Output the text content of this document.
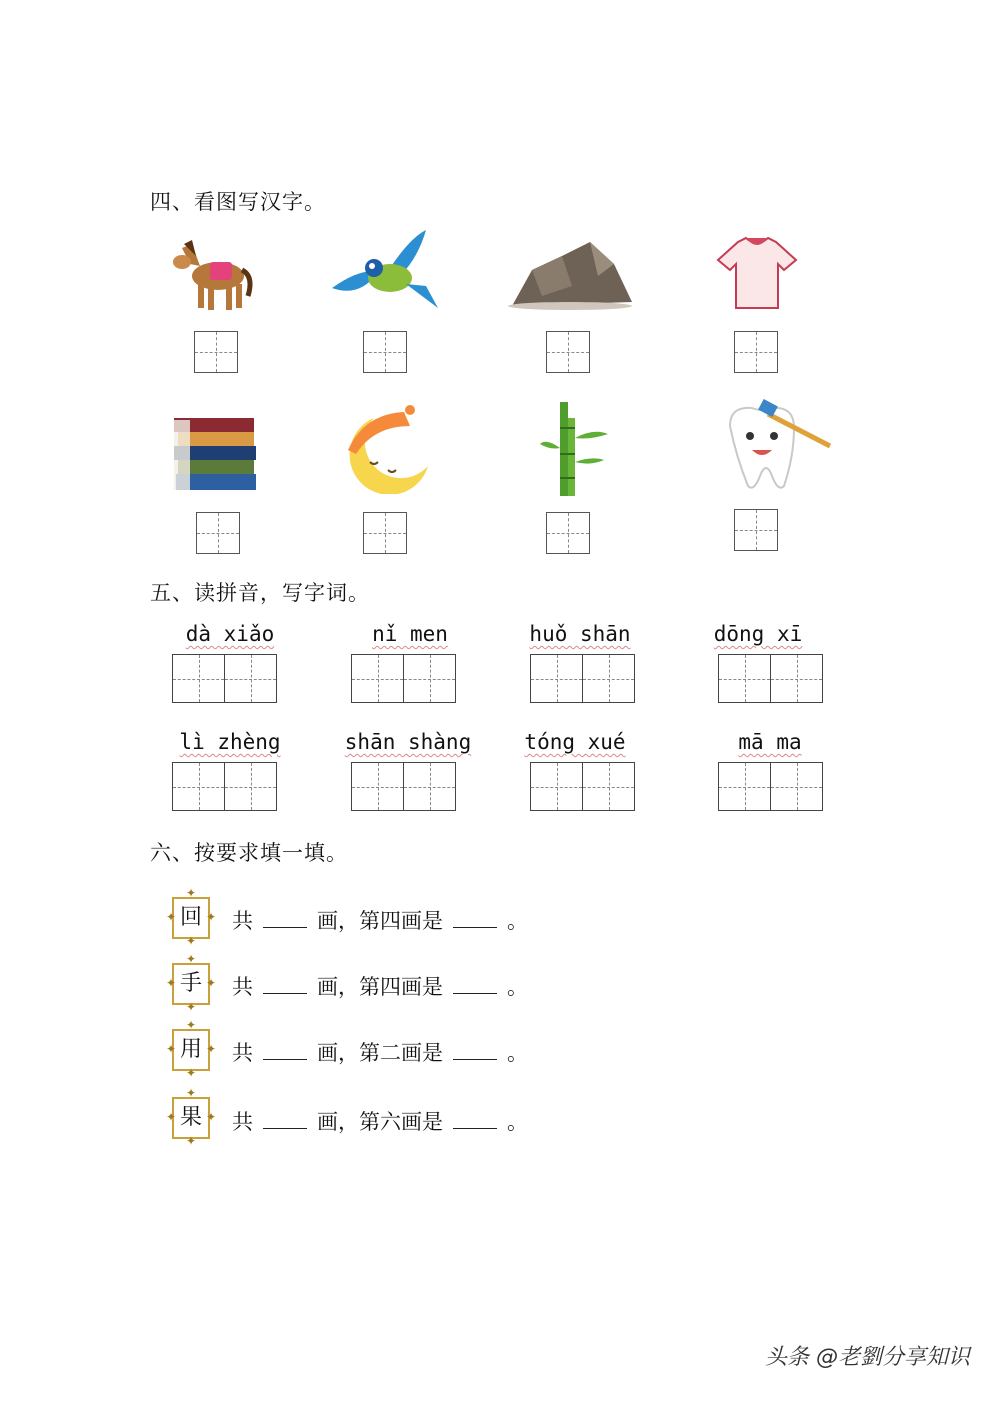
四、看图写汉字。
五、读拼音，写字词。
dà xiǎo	nǐ men	huǒ shān	dōng xī
lì zhèng	shān shàng	tóng xué	mā ma
六、按要求填一填。
回
✦ ✦
✦
✦
共	画，第四画是	。
手
✦ ✦
✦
✦
共	画，第四画是	。
用
✦ ✦
✦
✦
共	画，第二画是	。
果
✦ ✦
✦
✦
共	画，第六画是	。
头条 @老劉分享知识
